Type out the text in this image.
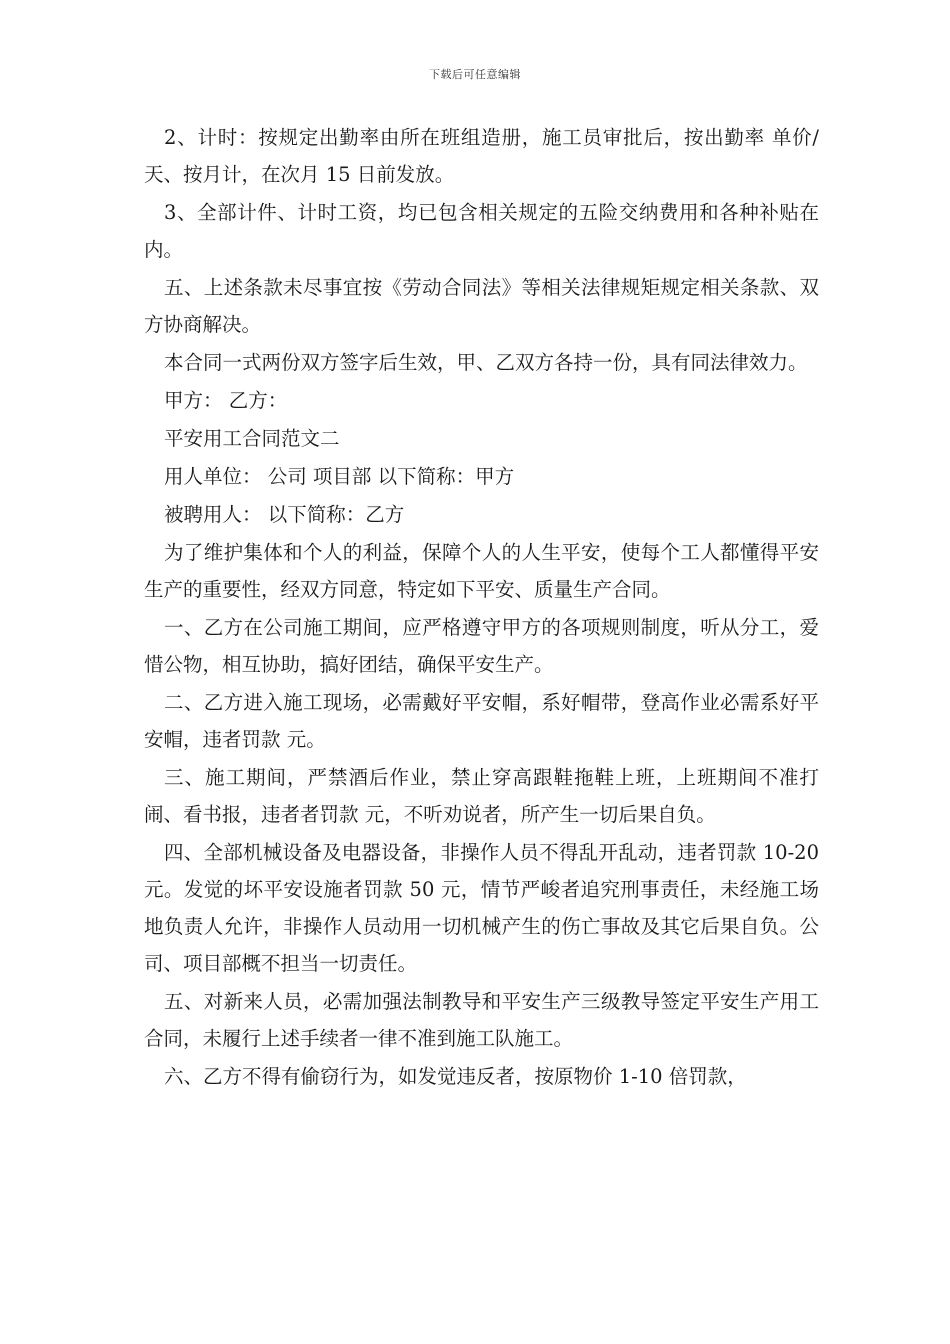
下载后可任意编辑

2、计时：按规定出勤率由所在班组造册，施工员审批后，按出勤率 单价/天、按月计，在次月 15 日前发放。

3、全部计件、计时工资，均已包含相关规定的五险交纳费用和各种补贴在内。

五、上述条款未尽事宜按《劳动合同法》等相关法律规矩规定相关条款、双方协商解决。

本合同一式两份双方签字后生效，甲、乙双方各持一份，具有同法律效力。

甲方： 乙方：

平安用工合同范文二

用人单位： 公司 项目部 以下简称：甲方

被聘用人： 以下简称：乙方

为了维护集体和个人的利益，保障个人的人生平安，使每个工人都懂得平安生产的重要性，经双方同意，特定如下平安、质量生产合同。

一、乙方在公司施工期间，应严格遵守甲方的各项规则制度，听从分工，爱惜公物，相互协助，搞好团结，确保平安生产。

二、乙方进入施工现场，必需戴好平安帽，系好帽带，登高作业必需系好平安帽，违者罚款 元。

三、施工期间，严禁酒后作业，禁止穿高跟鞋拖鞋上班，上班期间不准打闹、看书报，违者者罚款 元，不听劝说者，所产生一切后果自负。

四、全部机械设备及电器设备，非操作人员不得乱开乱动，违者罚款 10-20 元。发觉的坏平安设施者罚款 50 元，情节严峻者追究刑事责任，未经施工场地负责人允许，非操作人员动用一切机械产生的伤亡事故及其它后果自负。公司、项目部概不担当一切责任。

五、对新来人员，必需加强法制教导和平安生产三级教导签定平安生产用工合同，未履行上述手续者一律不准到施工队施工。

六、乙方不得有偷窃行为，如发觉违反者，按原物价 1-10 倍罚款，
